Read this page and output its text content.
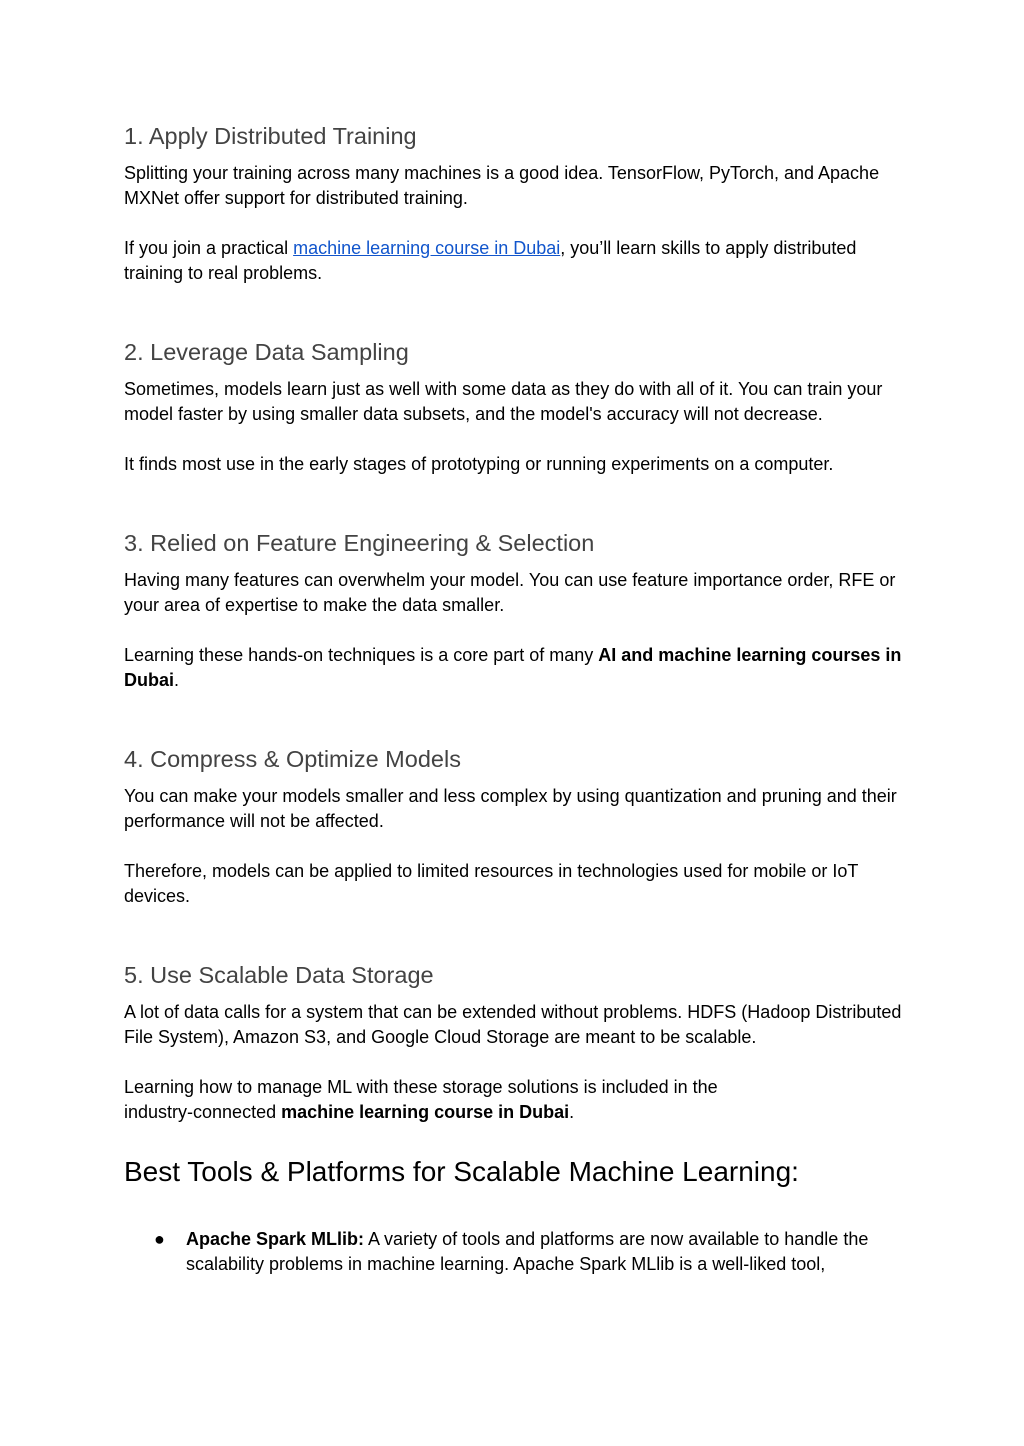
1. Apply Distributed Training

Splitting your training across many machines is a good idea. TensorFlow, PyTorch, and Apache MXNet offer support for distributed training.

If you join a practical machine learning course in Dubai, you’ll learn skills to apply distributed training to real problems.

2. Leverage Data Sampling

Sometimes, models learn just as well with some data as they do with all of it. You can train your model faster by using smaller data subsets, and the model's accuracy will not decrease.

It finds most use in the early stages of prototyping or running experiments on a computer.

3. Relied on Feature Engineering & Selection

Having many features can overwhelm your model. You can use feature importance order, RFE or your area of expertise to make the data smaller.

Learning these hands-on techniques is a core part of many AI and machine learning courses in Dubai.

4. Compress & Optimize Models

You can make your models smaller and less complex by using quantization and pruning and their performance will not be affected.

Therefore, models can be applied to limited resources in technologies used for mobile or IoT devices.

5. Use Scalable Data Storage

A lot of data calls for a system that can be extended without problems. HDFS (Hadoop Distributed File System), Amazon S3, and Google Cloud Storage are meant to be scalable.

Learning how to manage ML with these storage solutions is included in the industry-connected machine learning course in Dubai.

Best Tools & Platforms for Scalable Machine Learning:
● Apache Spark MLlib: A variety of tools and platforms are now available to handle the scalability problems in machine learning. Apache Spark MLlib is a well-liked tool,
